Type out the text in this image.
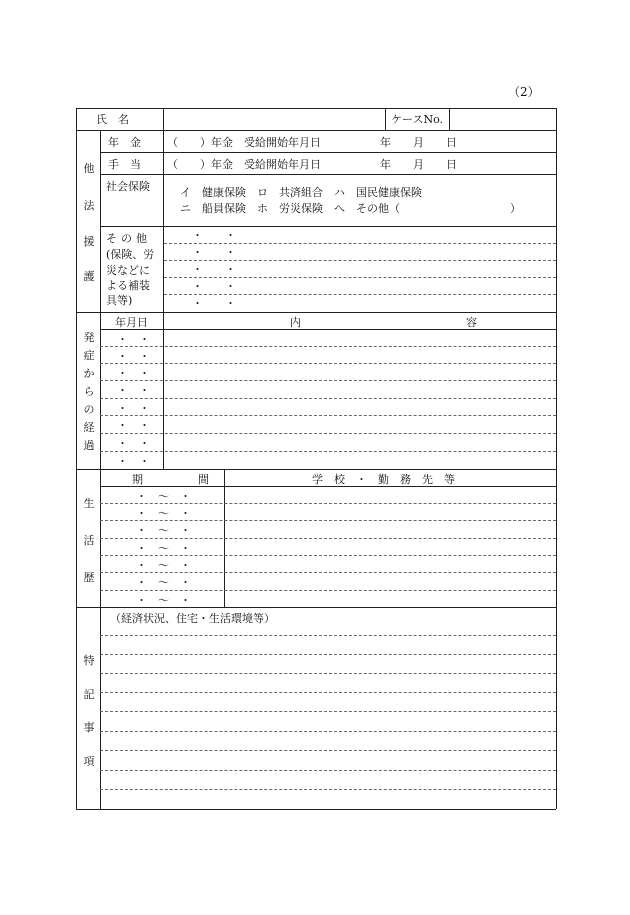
（2）
氏　名	ケースNo.
他
法
援
護
年　金 （　　）年金　受給開始年月日	年　　月　　日
手　当 （　　）年金　受給開始年月日	年　　月　　日
社会保険	イ　健康保険　ロ　共済組合　ハ　国民健康保険
ニ　船員保険　ホ　労災保険　へ　その他（　　　　　　　　　　）
その他
(保険、労
災などに
よる補装
具等)
・　　・
・　　・
・　　・
・　　・
・　　・
発
症
か
ら
の
経
過
年月日	内　　　　　　　　　　　　　　　容
・　・
・　・
・　・
・　・
・　・
・　・
・　・
・　・
生
活
歴
期　　　　　間	学　校　・　勤　務　先　等
・　〜　・
・　〜　・
・　〜　・
・　〜　・
・　〜　・
・　〜　・
・　〜　・
特
記
事
項
（経済状況、住宅・生活環境等）
